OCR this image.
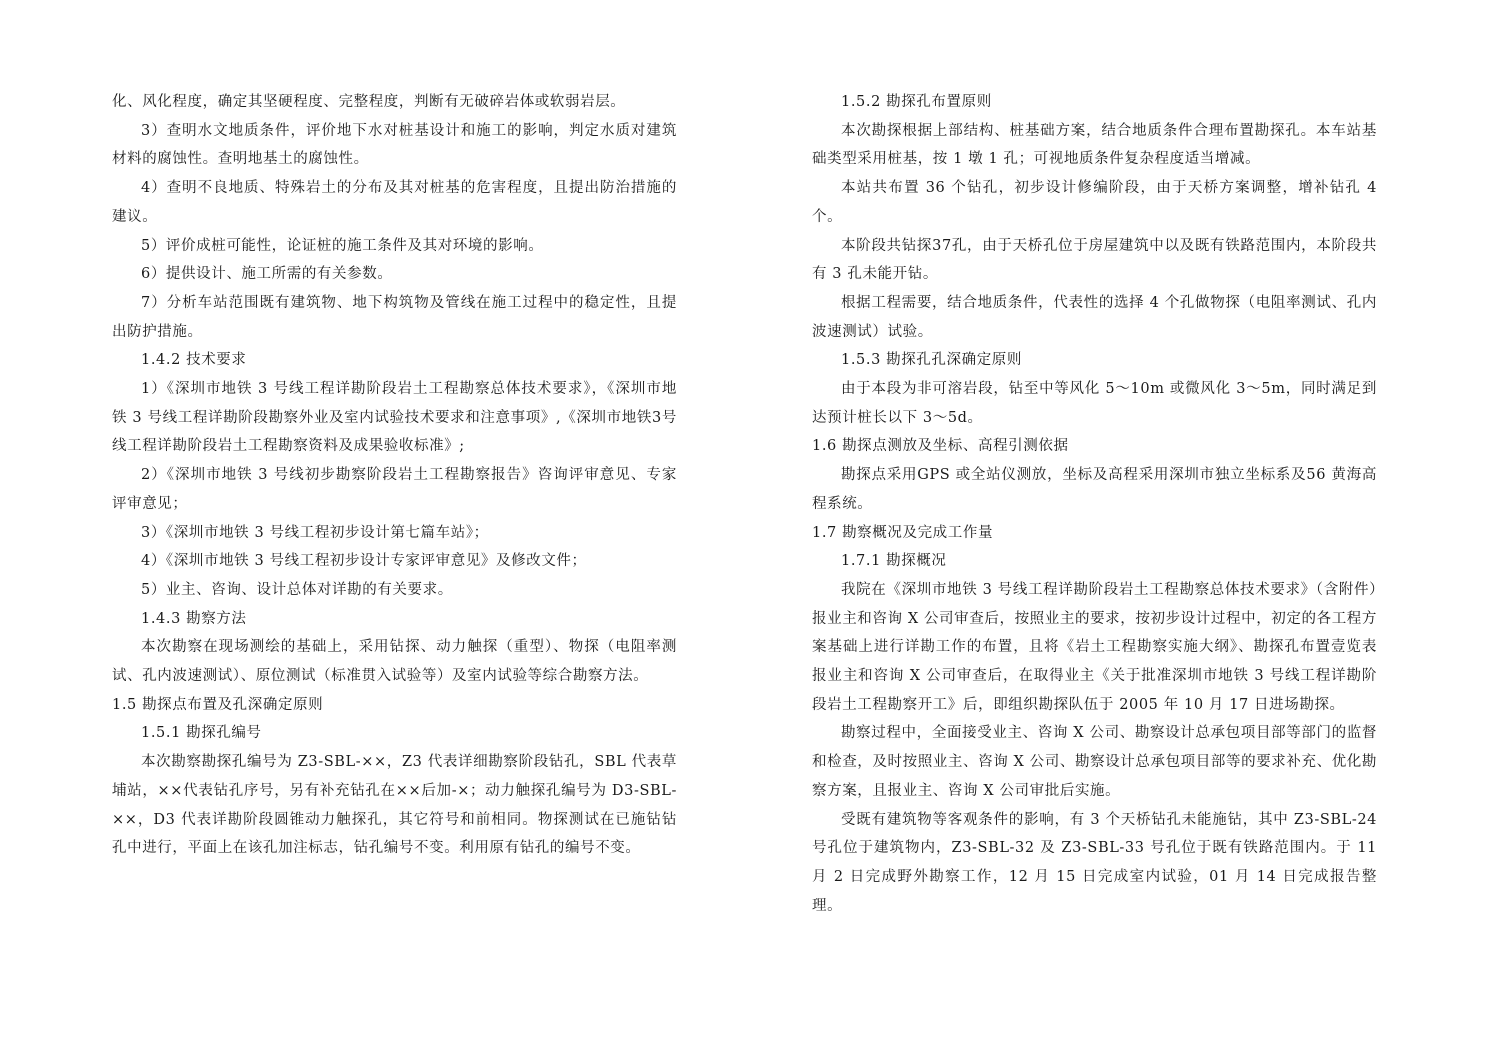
化、风化程度，确定其坚硬程度、完整程度，判断有无破碎岩体或软弱岩层。

3）查明水文地质条件，评价地下水对桩基设计和施工的影响，判定水质对建筑材料的腐蚀性。查明地基土的腐蚀性。

4）查明不良地质、特殊岩土的分布及其对桩基的危害程度，且提出防治措施的建议。

5）评价成桩可能性，论证桩的施工条件及其对环境的影响。

6）提供设计、施工所需的有关参数。

7）分析车站范围既有建筑物、地下构筑物及管线在施工过程中的稳定性，且提出防护措施。

1.4.2 技术要求

1）《深圳市地铁 3 号线工程详勘阶段岩土工程勘察总体技术要求》，《深圳市地铁 3 号线工程详勘阶段勘察外业及室内试验技术要求和注意事项》,《深圳市地铁3号线工程详勘阶段岩土工程勘察资料及成果验收标准》;

2）《深圳市地铁 3 号线初步勘察阶段岩土工程勘察报告》咨询评审意见、专家评审意见；

3）《深圳市地铁 3 号线工程初步设计第七篇车站》；

4）《深圳市地铁 3 号线工程初步设计专家评审意见》及修改文件；

5）业主、咨询、设计总体对详勘的有关要求。

1.4.3 勘察方法

本次勘察在现场测绘的基础上，采用钻探、动力触探（重型）、物探（电阻率测试、孔内波速测试）、原位测试（标准贯入试验等）及室内试验等综合勘察方法。

1.5 勘探点布置及孔深确定原则

1.5.1 勘探孔编号

本次勘察勘探孔编号为 Z3-SBL-××，Z3 代表详细勘察阶段钻孔，SBL 代表草埔站，××代表钻孔序号，另有补充钻孔在××后加-×；动力触探孔编号为 D3-SBL-××，D3 代表详勘阶段圆锥动力触探孔，其它符号和前相同。物探测试在已施钻钻孔中进行，平面上在该孔加注标志，钻孔编号不变。利用原有钻孔的编号不变。

1.5.2 勘探孔布置原则

本次勘探根据上部结构、桩基础方案，结合地质条件合理布置勘探孔。本车站基础类型采用桩基，按 1 墩 1 孔；可视地质条件复杂程度适当增减。

本站共布置 36 个钻孔，初步设计修编阶段，由于天桥方案调整，增补钻孔 4 个。

本阶段共钻探37孔，由于天桥孔位于房屋建筑中以及既有铁路范围内，本阶段共有 3 孔未能开钻。

根据工程需要，结合地质条件，代表性的选择 4 个孔做物探（电阻率测试、孔内波速测试）试验。

1.5.3 勘探孔孔深确定原则

由于本段为非可溶岩段，钻至中等风化 5～10m 或微风化 3～5m，同时满足到达预计桩长以下 3～5d。

1.6 勘探点测放及坐标、高程引测依据

勘探点采用GPS 或全站仪测放，坐标及高程采用深圳市独立坐标系及56 黄海高程系统。

1.7 勘察概况及完成工作量

1.7.1 勘探概况

我院在《深圳市地铁 3 号线工程详勘阶段岩土工程勘察总体技术要求》（含附件）报业主和咨询 X 公司审查后，按照业主的要求，按初步设计过程中，初定的各工程方案基础上进行详勘工作的布置，且将《岩土工程勘察实施大纲》、勘探孔布置壹览表报业主和咨询 X 公司审查后，在取得业主《关于批准深圳市地铁 3 号线工程详勘阶段岩土工程勘察开工》后，即组织勘探队伍于 2005 年 10 月 17 日进场勘探。

勘察过程中，全面接受业主、咨询 X 公司、勘察设计总承包项目部等部门的监督和检查，及时按照业主、咨询 X 公司、勘察设计总承包项目部等的要求补充、优化勘察方案，且报业主、咨询 X 公司审批后实施。

受既有建筑物等客观条件的影响，有 3 个天桥钻孔未能施钻，其中 Z3-SBL-24 号孔位于建筑物内，Z3-SBL-32 及 Z3-SBL-33 号孔位于既有铁路范围内。于 11 月 2 日完成野外勘察工作，12 月 15 日完成室内试验，01 月 14 日完成报告整理。
